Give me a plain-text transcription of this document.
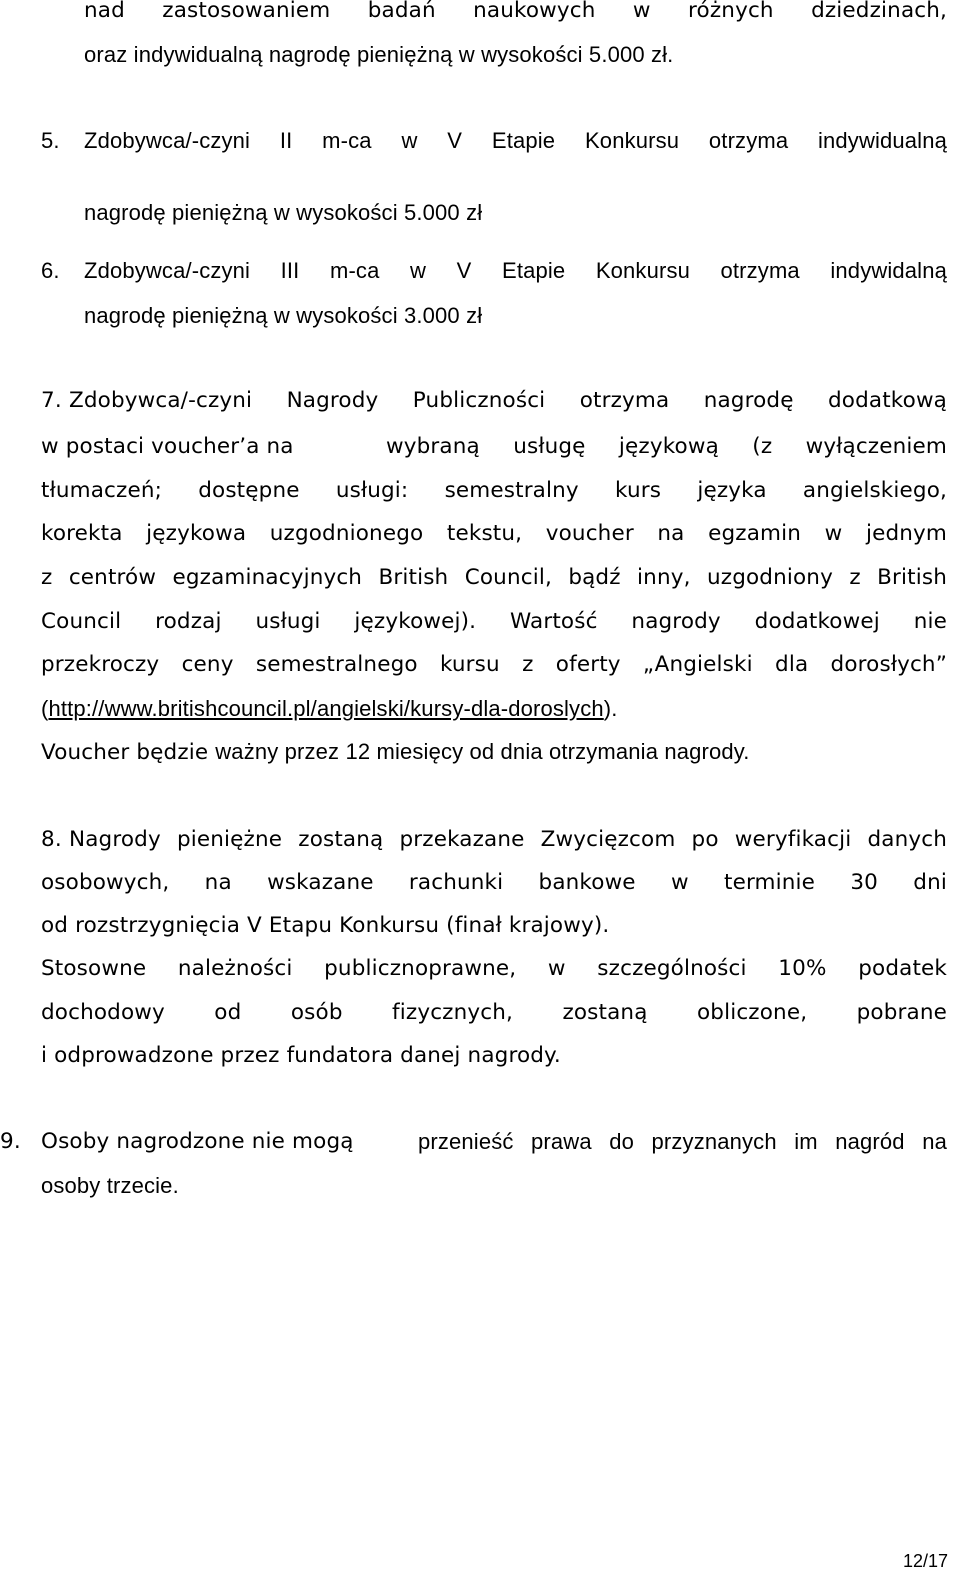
nad zastosowaniem badań naukowych w różnych dziedzinach,
oraz indywidualną nagrodę pieniężną w wysokości 5.000 zł.
5. Zdobywca/-czyni II m-ca w V Etapie Konkursu otrzyma indywidualną
nagrodę pieniężną w wysokości 5.000 zł
6. Zdobywca/-czyni III m-ca w V Etapie Konkursu otrzyma indywidalną
nagrodę pieniężną w wysokości 3.000 zł
7. Zdobywca/-czyni Nagrody Publiczności otrzyma nagrodę dodatkową
w postaci voucher’a na	wybraną usługę językową (z wyłączeniem
tłumaczeń; dostępne usługi: semestralny kurs języka angielskiego,
korekta językowa uzgodnionego tekstu, voucher na egzamin w jednym
z centrów egzaminacyjnych British Council, bądź inny, uzgodniony z British
Council rodzaj usługi językowej). Wartość nagrody dodatkowej nie
przekroczy ceny semestralnego kursu z oferty „Angielski dla dorosłych”
(http://www.britishcouncil.pl/angielski/kursy-dla-doroslych).
Voucher będzie ważny przez 12 miesięcy od dnia otrzymania nagrody.
8. Nagrody pieniężne zostaną przekazane Zwycięzcom po weryfikacji danych
osobowych, na wskazane rachunki bankowe w terminie 30 dni
od rozstrzygnięcia V Etapu Konkursu (finał krajowy).
Stosowne należności publicznoprawne, w szczególności 10% podatek
dochodowy od osób fizycznych, zostaną obliczone, pobrane
i odprowadzone przez fundatora danej nagrody.
9. Osoby nagrodzone nie mogą	przenieść prawa do przyznanych im nagród na
osoby trzecie.
12/17
